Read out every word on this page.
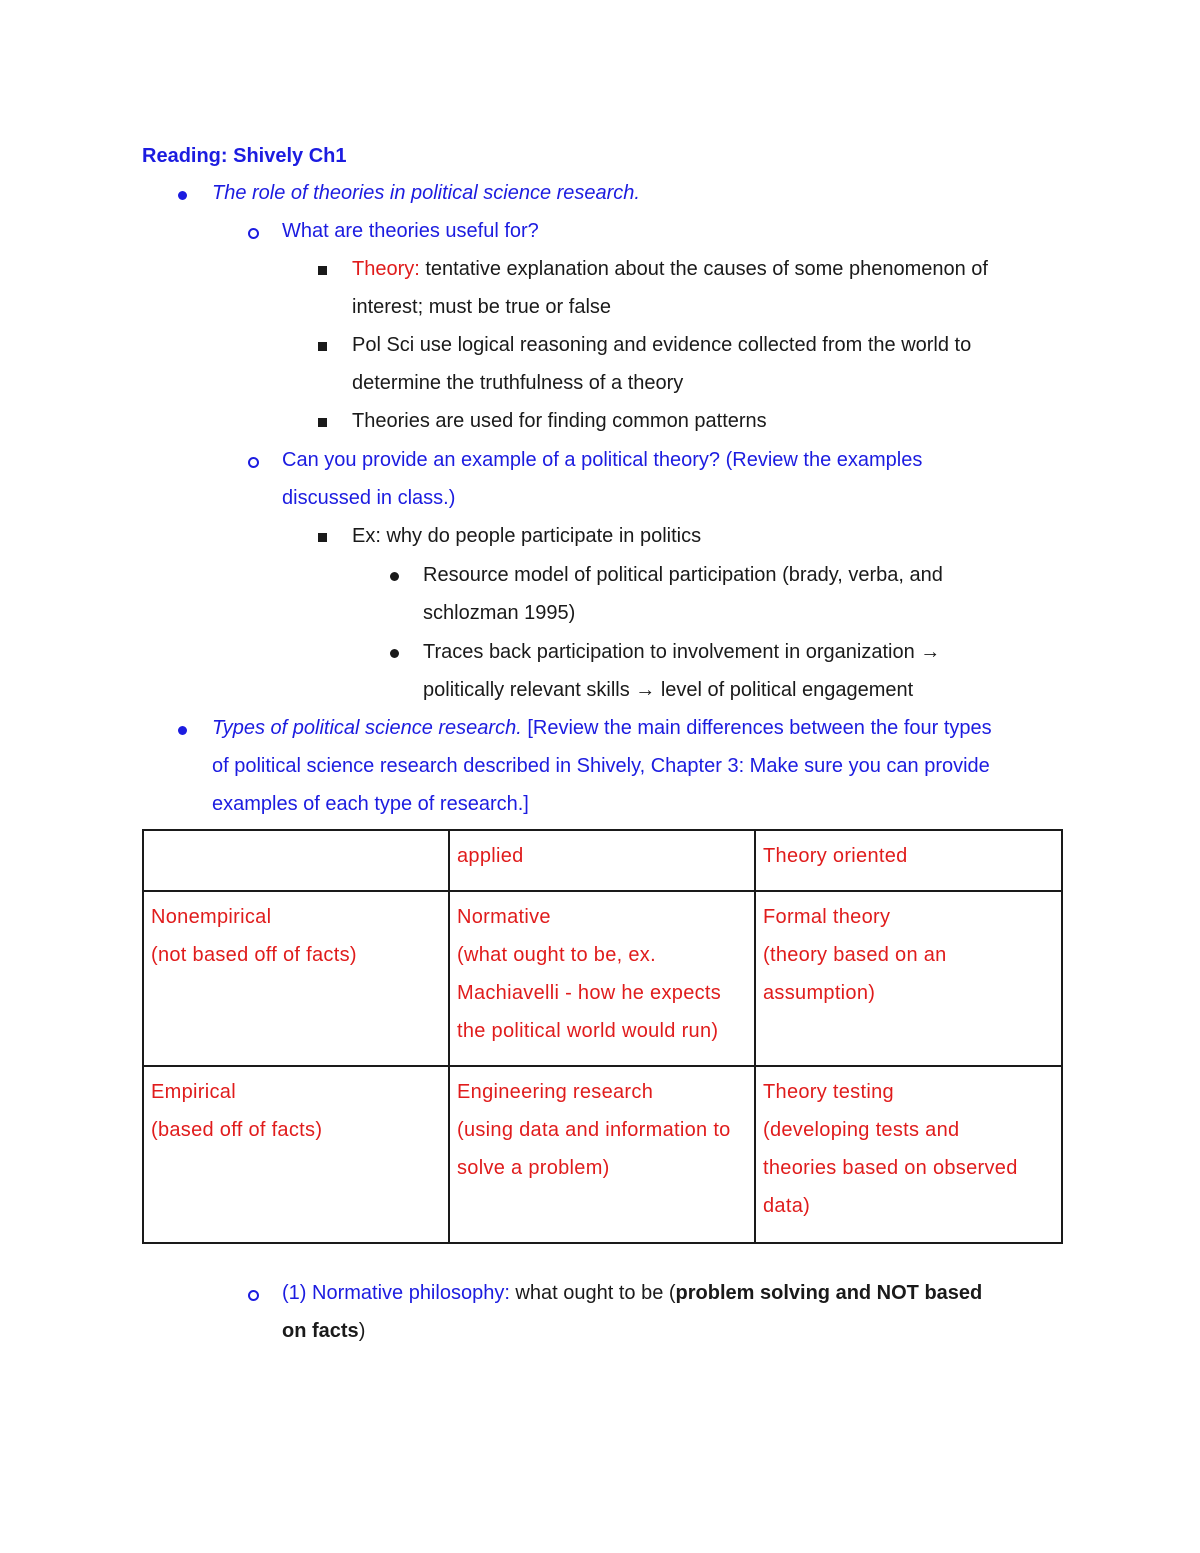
Reading: Shively Ch1
The role of theories in political science research.
What are theories useful for?
Theory: tentative explanation about the causes of some phenomenon of
interest; must be true or false
Pol Sci use logical reasoning and evidence collected from the world to
determine the truthfulness of a theory
Theories are used for finding common patterns
Can you provide an example of a political theory? (Review the examples
discussed in class.)
Ex: why do people participate in politics
Resource model of political participation (brady, verba, and
schlozman 1995)
Traces back participation to involvement in organization →
politically relevant skills → level of political engagement
Types of political science research. [Review the main differences between the four types
of political science research described in Shively, Chapter 3: Make sure you can provide
examples of each type of research.]
	applied	Theory oriented

Nonempirical
(not based off of facts)	Normative
(what ought to be, ex.
Machiavelli - how he expects
the political world would run)	Formal theory
(theory based on an
assumption)

Empirical
(based off of facts)	Engineering research
(using data and information to
solve a problem)	Theory testing
(developing tests and
theories based on observed
data)
(1) Normative philosophy: what ought to be (problem solving and NOT based
on facts)
